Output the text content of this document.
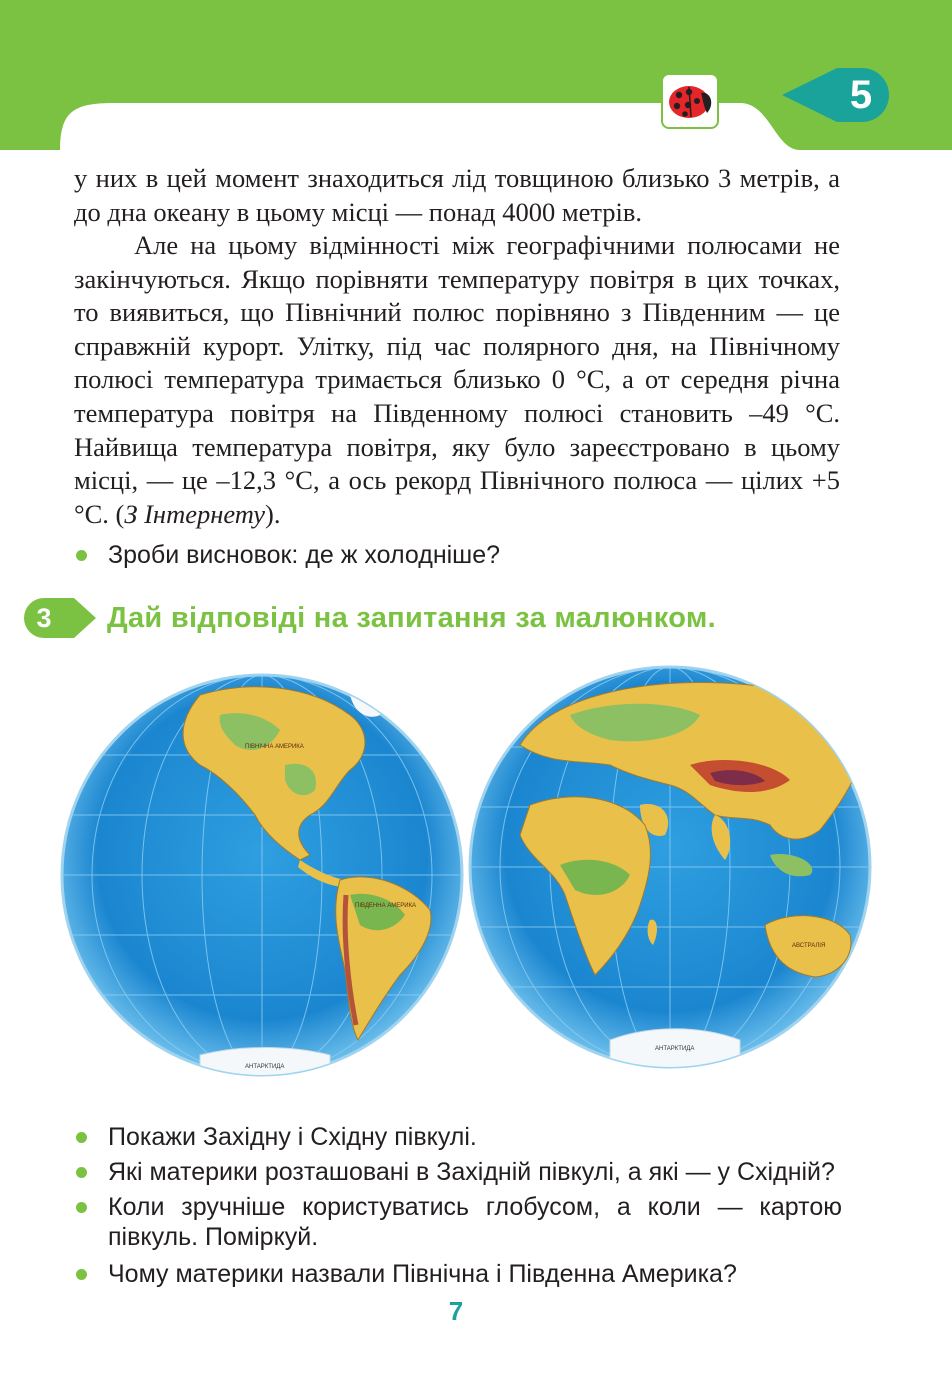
5

у них в цей момент знаходиться лід товщиною близько 3 метрів, а до дна океану в цьому місці — понад 4000 метрів.

Але на цьому відмінності між географічними полюсами не закінчуються. Якщо порівняти температуру повітря в цих точках, то виявиться, що Північний полюс порівняно з Південним — це справжній курорт. Улітку, під час полярного дня, на Північному полюсі температура тримається близько 0 °С, а от середня річна температура повітря на Південному полюсі становить –49 °С. Найвища температура повітря, яку було зареєстровано в цьому місці, — це –12,3 °С, а ось рекорд Північного полюса — цілих +5 °С. (З Інтернету).

Зроби висновок: де ж холодніше?
3	Дай відповіді на запитання за малюнком.
ПІВНІЧНА АМЕРИКА
ПІВДЕННА АМЕРИКА
АНТАРКТИДА
АВСТРАЛІЯ
АНТАРКТИДА
Покажи Західну і Східну півкулі.
Які материки розташовані в Західній півкулі, а які — у Східній?
Коли зручніше користуватись глобусом, а коли — картою півкуль. Поміркуй.
Чому материки назвали Північна і Південна Америка?
7
